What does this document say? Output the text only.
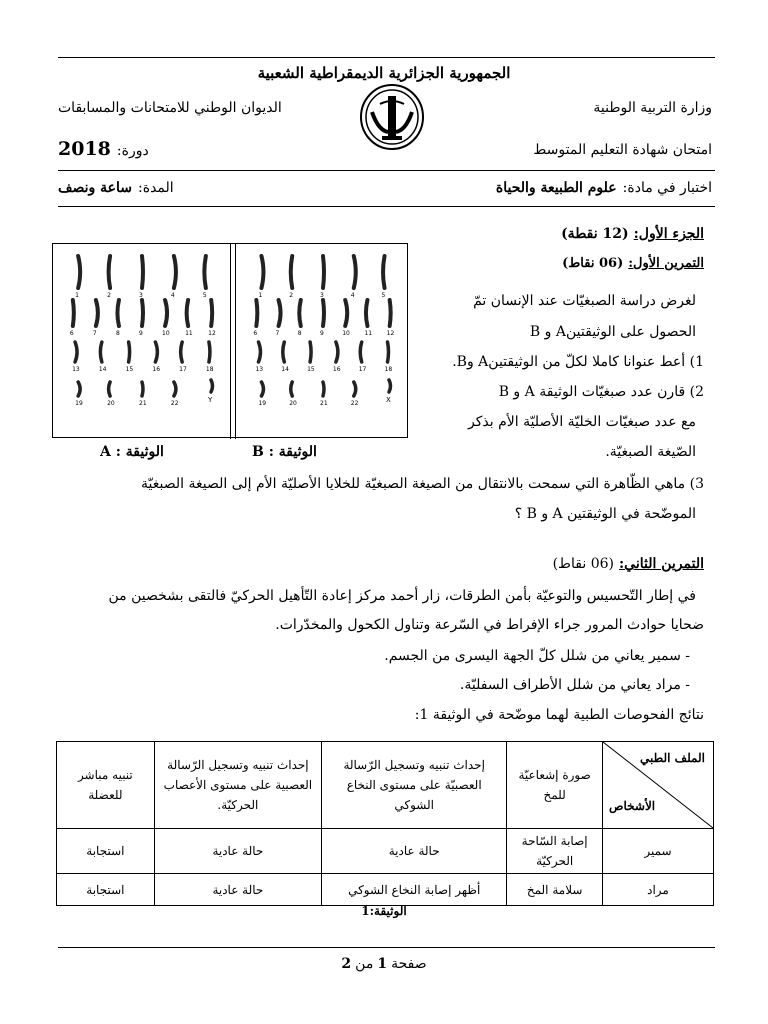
الجمهورية الجزائرية الديمقراطية الشعبية
وزارة التربية الوطنية
الديوان الوطني للامتحانات والمسابقات
امتحان شهادة التعليم المتوسط
دورة:
2018
اختبار في مادة:
علوم الطبيعة والحياة
المدة:
ساعة ونصف
الجزء الأول:
(12 نقطة)
التمرين الأول:
(06 نقاط)
1	2	3	4	5
6	7	8	9	10	11	12
13	14	15	16	17	18
19	20	21	22	Y
1	2	3	4	5
6	7	8	9	10 11 12
13	14	15	16	17	18
19	20	21	22	X
الوثيقة : B
الوثيقة : A
لغرض دراسة الصبغيّات عند الإنسان تمّ
الحصول على الوثيقتينA و B
1) أعط عنوانا كاملا لكلّ من الوثيقتينA وB.
2) قارن عدد صبغيّات الوثيقة A و B
مع عدد صبغيّات الخليّة الأصليّة الأم بذكر
الصّيغة الصبغيّة.
3) ماهي الظّاهرة التي سمحت بالانتقال من الصيغة الصبغيّة للخلايا الأصليّة الأم إلى الصيغة الصبغيّة
الموضّحة في الوثيقتين A و B ؟
التمرين الثاني:
(06 نقاط)
في إطار التّحسيس والتوعيّة بأمن الطرقات، زار أحمد مركز إعادة التّأهيل الحركيّ فالتقى بشخصين من
ضحايا حوادث المرور جراء الإفراط في السّرعة وتناول الكحول والمخدّرات.
- سمير يعاني من شلل كلّ الجهة اليسرى من الجسم.
- مراد يعاني من شلل الأطراف السفليّة.
نتائج الفحوصات الطبية لهما موضّحة في الوثيقة 1:
الملف الطبي
الأشخاص	صورة إشعاعيّة للمخ	إحداث تنبيه وتسجيل الرّسالة العصبيّة على مستوى النخاع الشوكي	إحداث تنبيه وتسجيل الرّسالة العصبية على مستوى الأعصاب الحركيّة.	تنبيه مباشر للعضلة
سمير	إصابة السّاحة الحركيّة	حالة عادية	حالة عادية	استجابة
مراد	سلامة المخ	أظهر إصابة النخاع الشوكي	حالة عادية	استجابة
الوثيقة:1
صفحة
1
من
2
